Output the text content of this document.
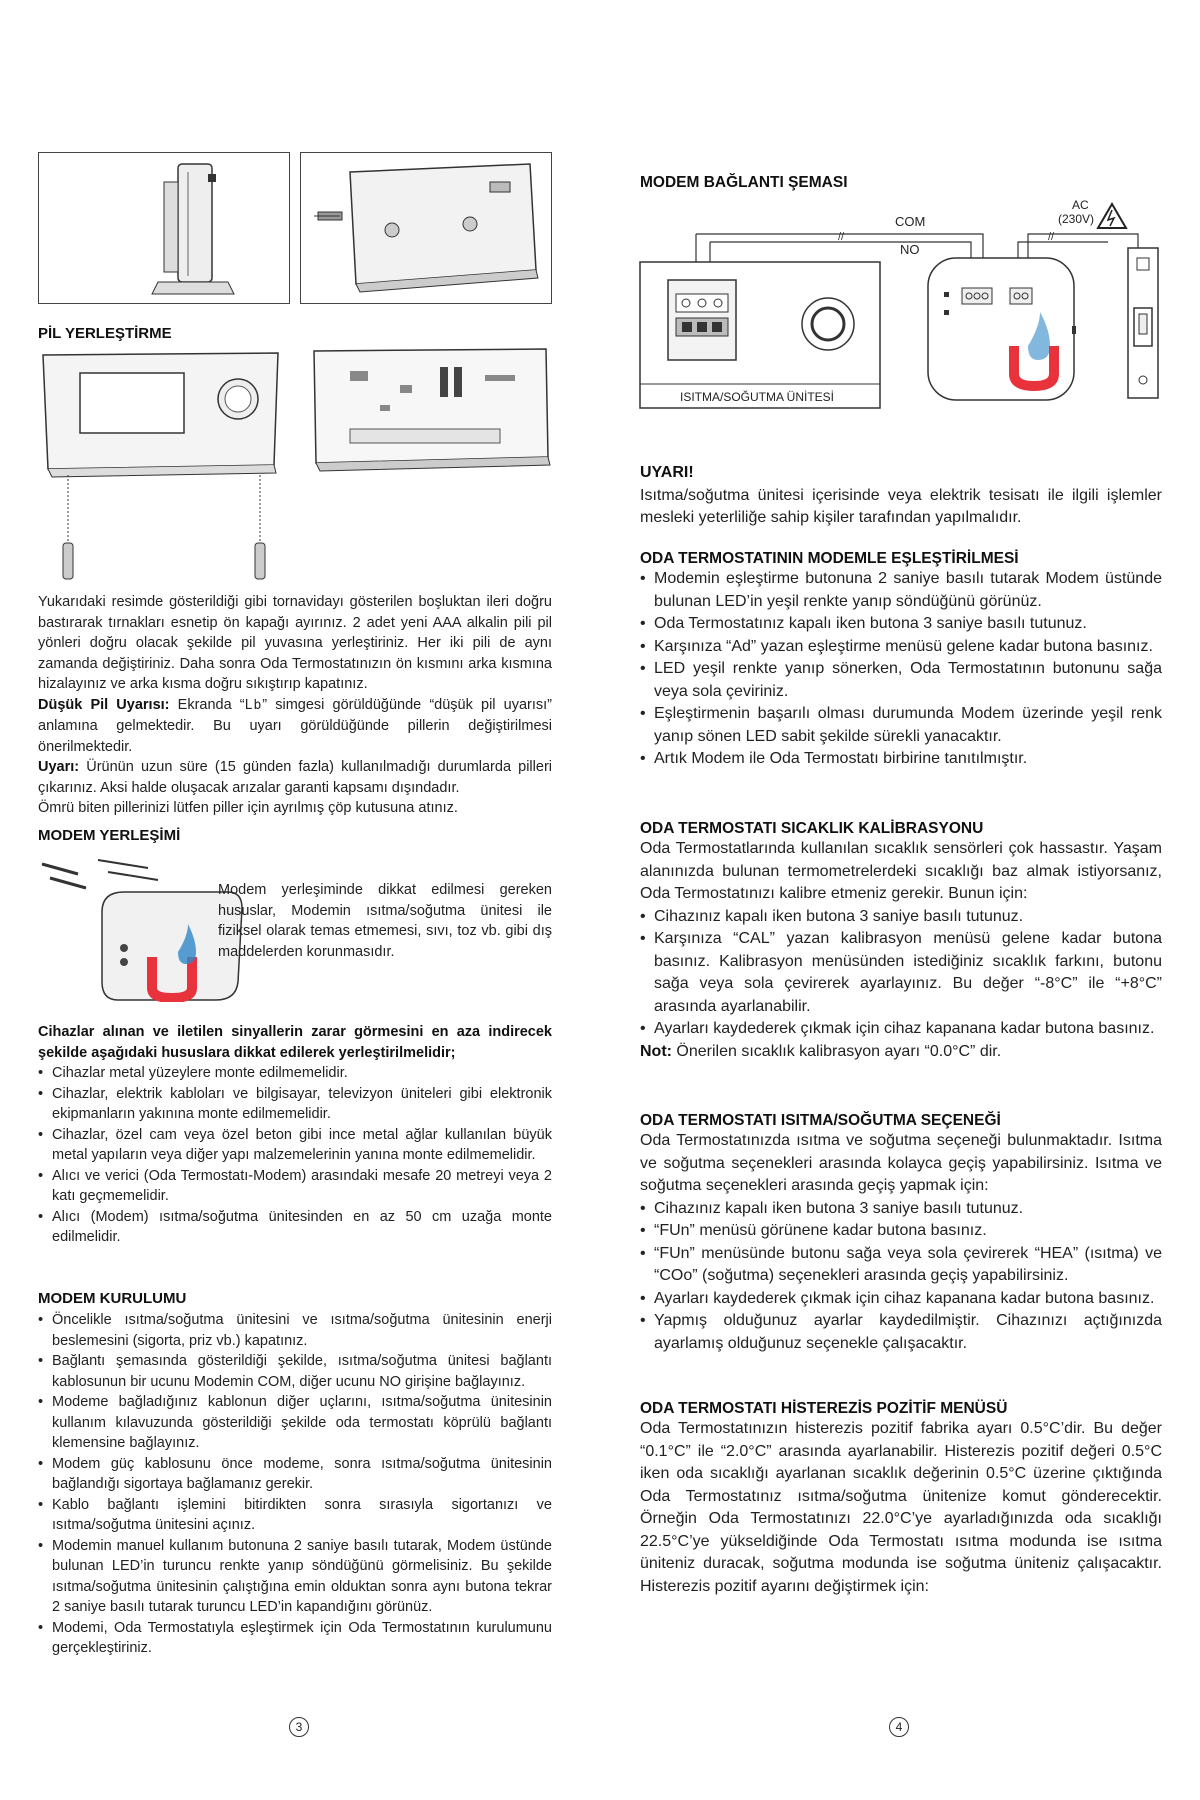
PİL YERLEŞTİRME

Yukarıdaki resimde gösterildiği gibi tornavidayı gösterilen boşluktan ileri doğru bastırarak tırnakları esnetip ön kapağı ayırınız. 2 adet yeni AAA alkalin pili pil yönleri doğru olacak şekilde pil yuvasına yerleştiriniz. Her iki pili de aynı zamanda değiştiriniz. Daha sonra Oda Termostatınızın ön kısmını arka kısmına hizalayınız ve arka kısma doğru sıkıştırıp kapatınız.

Düşük Pil Uyarısı: Ekranda “Lb” simgesi görüldüğünde “düşük pil uyarısı” anlamına gelmektedir. Bu uyarı görüldüğünde pillerin değiştirilmesi önerilmektedir.

Uyarı: Ürünün uzun süre (15 günden fazla) kullanılmadığı durumlarda pilleri çıkarınız. Aksi halde oluşacak arızalar garanti kapsamı dışındadır.

Ömrü biten pillerinizi lütfen piller için ayrılmış çöp kutusuna atınız.

MODEM YERLEŞİMİ

Modem yerleşiminde dikkat edilmesi gereken hususlar, Modemin ısıtma/soğutma ünitesi ile fiziksel olarak temas etmemesi, sıvı, toz vb. gibi dış maddelerden korunmasıdır.

Cihazlar alınan ve iletilen sinyallerin zarar görmesini en aza indirecek şekilde aşağıdaki hususlara dikkat edilerek yerleştirilmelidir;

• Cihazlar metal yüzeylere monte edilmemelidir.
• Cihazlar, elektrik kabloları ve bilgisayar, televizyon üniteleri gibi elektronik ekipmanların yakınına monte edilmemelidir.
• Cihazlar, özel cam veya özel beton gibi ince metal ağlar kullanılan büyük metal yapıların veya diğer yapı malzemelerinin yanına monte edilmemelidir.
• Alıcı ve verici (Oda Termostatı-Modem) arasındaki mesafe 20 metreyi veya 2 katı geçmemelidir.
• Alıcı (Modem) ısıtma/soğutma ünitesinden en az 50 cm uzağa monte edilmelidir.
MODEM KURULUMU
• Öncelikle ısıtma/soğutma ünitesini ve ısıtma/soğutma ünitesinin enerji beslemesini (sigorta, priz vb.) kapatınız.
• Bağlantı şemasında gösterildiği şekilde, ısıtma/soğutma ünitesi bağlantı kablosunun bir ucunu Modemin COM, diğer ucunu NO girişine bağlayınız.
• Modeme bağladığınız kablonun diğer uçlarını, ısıtma/soğutma ünitesinin kullanım kılavuzunda gösterildiği şekilde oda termostatı köprülü bağlantı klemensine bağlayınız.
• Modem güç kablosunu önce modeme, sonra ısıtma/soğutma ünitesinin bağlandığı sigortaya bağlamanız gerekir.
• Kablo bağlantı işlemini bitirdikten sonra sırasıyla sigortanızı ve ısıtma/soğutma ünitesini açınız.
• Modemin manuel kullanım butonuna 2 saniye basılı tutarak, Modem üstünde bulunan LED’in turuncu renkte yanıp söndüğünü görmelisiniz. Bu şekilde ısıtma/soğutma ünitesinin çalıştığına emin olduktan sonra aynı butona tekrar 2 saniye basılı tutarak turuncu LED’in kapandığını görünüz.
• Modemi, Oda Termostatıyla eşleştirmek için Oda Termostatının kurulumunu gerçekleştiriniz.
3
MODEM BAĞLANTI ŞEMASI
//	//
COM
NO
AC
(230V)
ISITMA/SOĞUTMA ÜNİTESİ

UYARI!

Isıtma/soğutma ünitesi içerisinde veya elektrik tesisatı ile ilgili işlemler mesleki yeterliliğe sahip kişiler tarafından yapılmalıdır.

ODA TERMOSTATININ MODEMLE EŞLEŞTİRİLMESİ
• Modemin eşleştirme butonuna 2 saniye basılı tutarak Modem üstünde bulunan LED’in yeşil renkte yanıp söndüğünü görünüz.
• Oda Termostatınız kapalı iken butona 3 saniye basılı tutunuz.
• Karşınıza “Ad” yazan eşleştirme menüsü gelene kadar butona basınız.
• LED yeşil renkte yanıp sönerken, Oda Termostatının butonunu sağa veya sola çeviriniz.
• Eşleştirmenin başarılı olması durumunda Modem üzerinde yeşil renk yanıp sönen LED sabit şekilde sürekli yanacaktır.
• Artık Modem ile Oda Termostatı birbirine tanıtılmıştır.
ODA TERMOSTATI SICAKLIK KALİBRASYONU

Oda Termostatlarında kullanılan sıcaklık sensörleri çok hassastır. Yaşam alanınızda bulunan termometrelerdeki sıcaklığı baz almak istiyorsanız, Oda Termostatınızı kalibre etmeniz gerekir. Bunun için:

• Cihazınız kapalı iken butona 3 saniye basılı tutunuz.
• Karşınıza “CAL” yazan kalibrasyon menüsü gelene kadar butona basınız. Kalibrasyon menüsünden istediğiniz sıcaklık farkını, butonu sağa veya sola çevirerek ayarlayınız. Bu değer “-8°C” ile “+8°C” arasında ayarlanabilir.
• Ayarları kaydederek çıkmak için cihaz kapanana kadar butona basınız.

Not: Önerilen sıcaklık kalibrasyon ayarı “0.0°C” dir.

ODA TERMOSTATI ISITMA/SOĞUTMA SEÇENEĞİ

Oda Termostatınızda ısıtma ve soğutma seçeneği bulunmaktadır. Isıtma ve soğutma seçenekleri arasında kolayca geçiş yapabilirsiniz. Isıtma ve soğutma seçenekleri arasında geçiş yapmak için:

• Cihazınız kapalı iken butona 3 saniye basılı tutunuz.
• “FUn” menüsü görünene kadar butona basınız.
• “FUn” menüsünde butonu sağa veya sola çevirerek “HEA” (ısıtma) ve “COo” (soğutma) seçenekleri arasında geçiş yapabilirsiniz.
• Ayarları kaydederek çıkmak için cihaz kapanana kadar butona basınız.
• Yapmış olduğunuz ayarlar kaydedilmiştir. Cihazınızı açtığınızda ayarlamış olduğunuz seçenekle çalışacaktır.
ODA TERMOSTATI HİSTEREZİS POZİTİF MENÜSÜ

Oda Termostatınızın histerezis pozitif fabrika ayarı 0.5°C’dir. Bu değer “0.1°C” ile “2.0°C” arasında ayarlanabilir. Histerezis pozitif değeri 0.5°C iken oda sıcaklığı ayarlanan sıcaklık değerinin 0.5°C üzerine çıktığında Oda Termostatınız ısıtma/soğutma ünitenize komut gönderecektir. Örneğin Oda Termostatınızı 22.0°C’ye ayarladığınızda oda sıcaklığı 22.5°C’ye yükseldiğinde Oda Termostatı ısıtma modunda ise ısıtma üniteniz duracak, soğutma modunda ise soğutma üniteniz çalışacaktır. Histerezis pozitif ayarını değiştirmek için:

4
